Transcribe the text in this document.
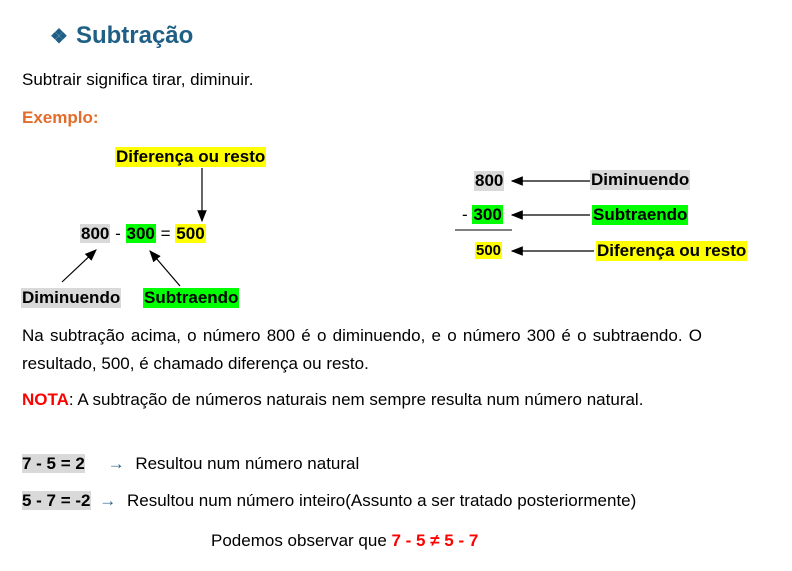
❖ Subtração
Subtrair significa tirar, diminuir.
Exemplo:
Diferença ou resto
800 - 300 = 500
Diminuendo Subtraendo
800
- 300
500
Diminuendo
Subtraendo
Diferença ou resto
Na subtração acima, o número 800 é o diminuendo, e o número 300 é o subtraendo. O resultado, 500, é chamado diferença ou resto.
NOTA: A subtração de números naturais nem sempre resulta num número natural.
7 - 5 = 2 → Resultou num número natural
5 - 7 = -2 → Resultou num número inteiro(Assunto a ser tratado posteriormente)
Podemos observar que 7 - 5 ≠ 5 - 7
